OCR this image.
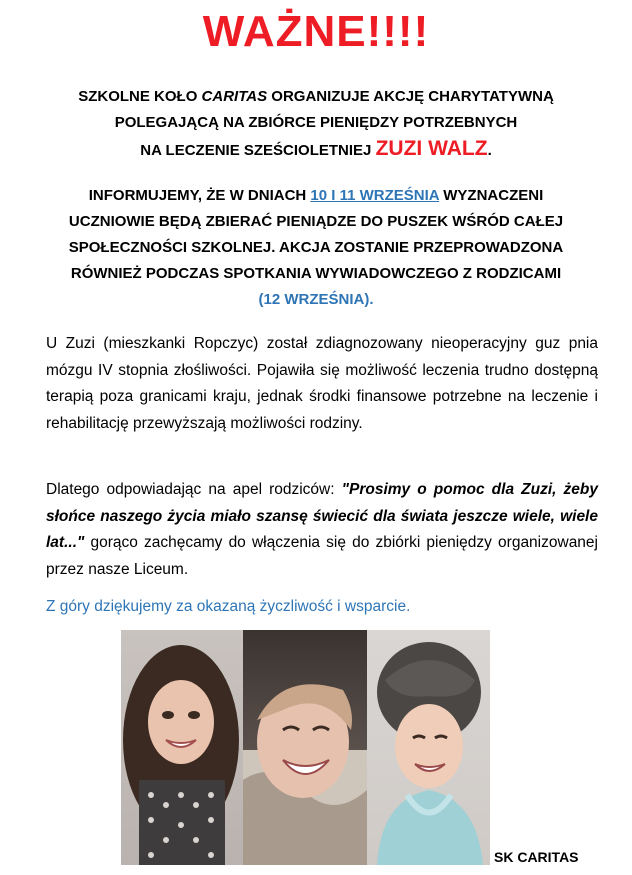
WAŻNE!!!!
SZKOLNE KOŁO CARITAS ORGANIZUJE AKCJĘ CHARYTATYWNĄ
POLEGAJĄCĄ NA ZBIÓRCE PIENIĘDZY POTRZEBNYCH
NA LECZENIE SZEŚCIOLETNIEJ ZUZI WALZ.
INFORMUJEMY, ŻE W DNIACH 10 I 11 WRZEŚNIA WYZNACZENI
UCZNIOWIE BĘDĄ ZBIERAĆ PIENIĄDZE DO PUSZEK WŚRÓD CAŁEJ
SPOŁECZNOŚCI SZKOLNEJ. AKCJA ZOSTANIE PRZEPROWADZONA
RÓWNIEŻ PODCZAS SPOTKANIA WYWIADOWCZEGO Z RODZICAMI
(12 WRZEŚNIA).
U Zuzi (mieszkanki Ropczyc) został zdiagnozowany nieoperacyjny guz pnia mózgu IV stopnia złośliwości. Pojawiła się możliwość leczenia trudno dostępną terapią poza granicami kraju, jednak środki finansowe potrzebne na leczenie i rehabilitację przewyższają możliwości rodziny.
Dlatego odpowiadając na apel rodziców: "Prosimy o pomoc dla Zuzi, żeby słońce naszego życia miało szansę świecić dla świata jeszcze wiele, wiele lat..." gorąco zachęcamy do włączenia się do zbiórki pieniędzy organizowanej przez nasze Liceum.
Z góry dziękujemy za okazaną życzliwość i wsparcie.
SK CARITAS
